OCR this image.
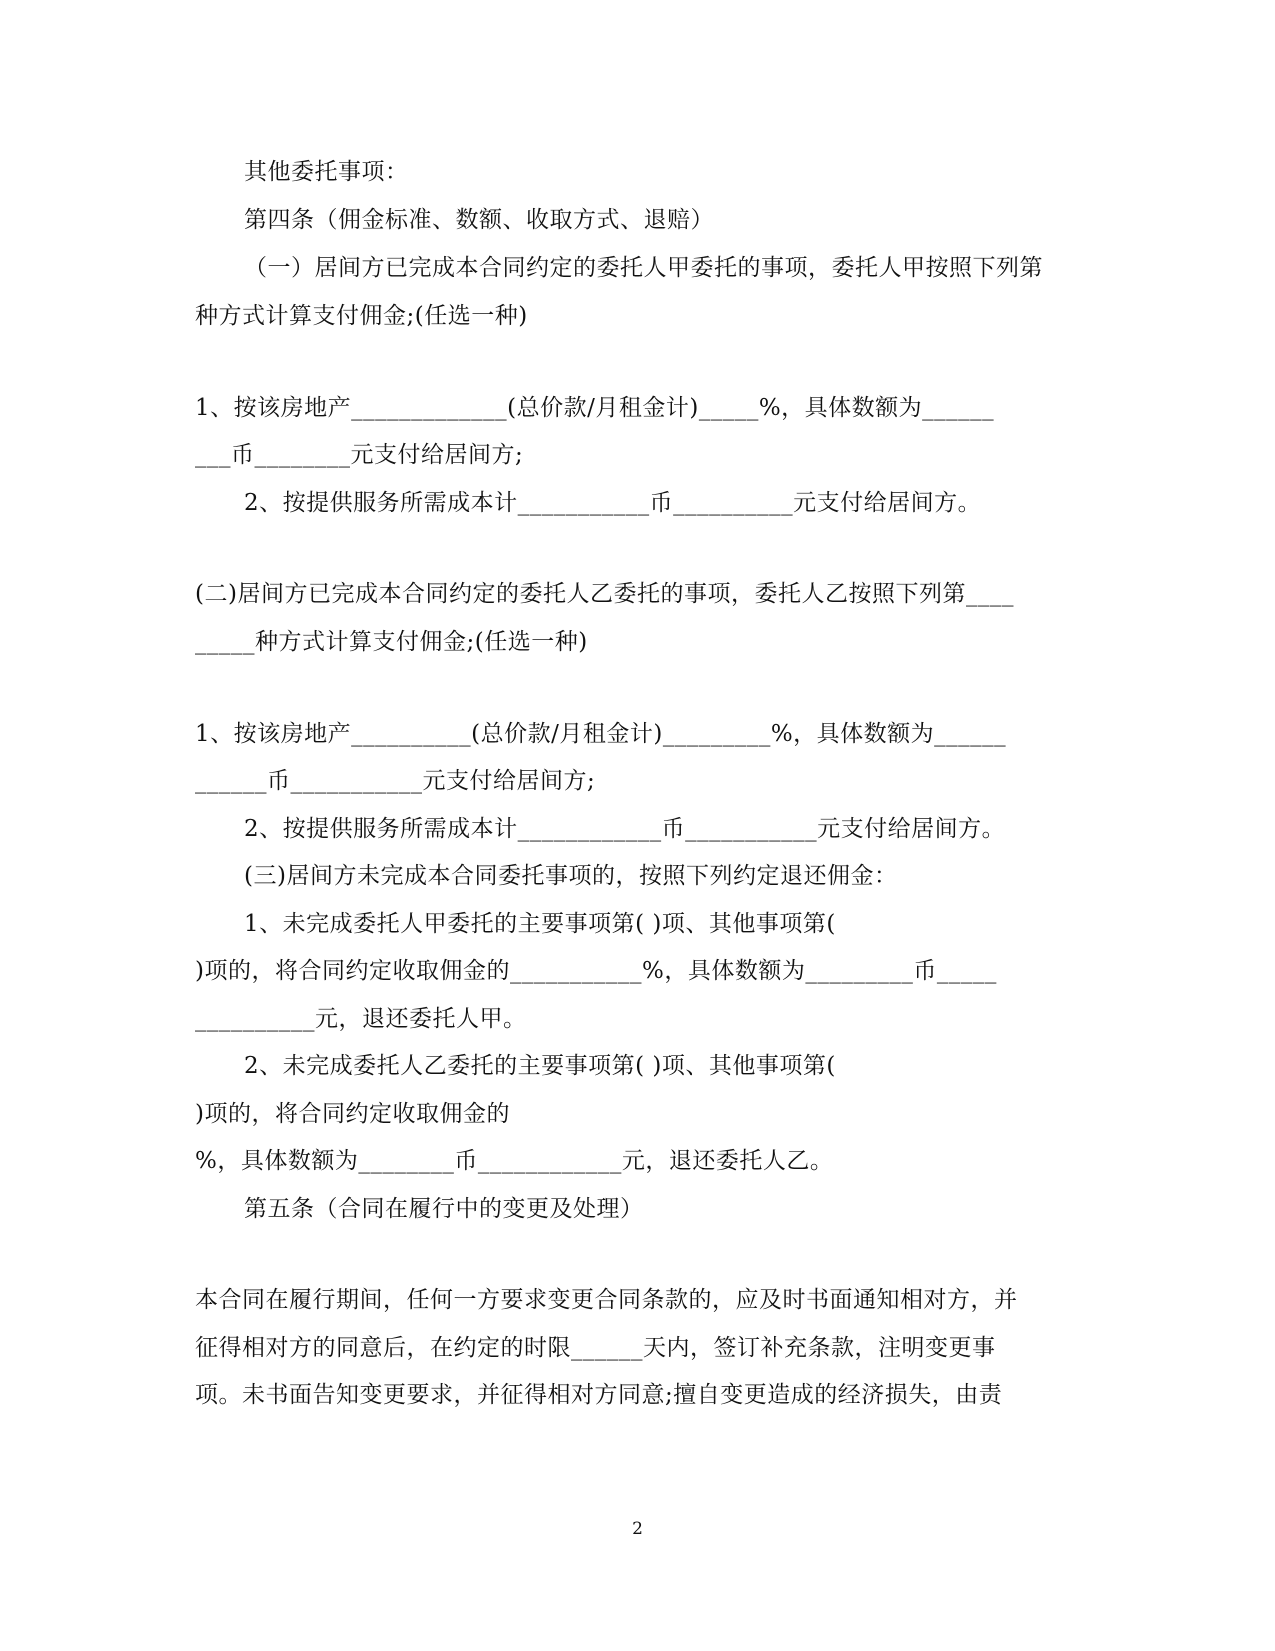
其他委托事项：
第四条（佣金标准、数额、收取方式、退赔）
（一）居间方已完成本合同约定的委托人甲委托的事项，委托人甲按照下列第
种方式计算支付佣金;(任选一种)
1、按该房地产_____________(总价款/月租金计)_____%，具体数额为______
___币________元支付给居间方;
2、按提供服务所需成本计___________币__________元支付给居间方。
(二)居间方已完成本合同约定的委托人乙委托的事项，委托人乙按照下列第____
_____种方式计算支付佣金;(任选一种)
1、按该房地产__________(总价款/月租金计)_________%，具体数额为______
______币___________元支付给居间方;
2、按提供服务所需成本计____________币___________元支付给居间方。
(三)居间方未完成本合同委托事项的，按照下列约定退还佣金：
1、未完成委托人甲委托的主要事项第( )项、其他事项第(
)项的，将合同约定收取佣金的___________%，具体数额为_________币_____
__________元，退还委托人甲。
2、未完成委托人乙委托的主要事项第( )项、其他事项第(
)项的，将合同约定收取佣金的
%，具体数额为________币____________元，退还委托人乙。
第五条（合同在履行中的变更及处理）
本合同在履行期间，任何一方要求变更合同条款的，应及时书面通知相对方，并
征得相对方的同意后，在约定的时限______天内，签订补充条款，注明变更事
项。未书面告知变更要求，并征得相对方同意;擅自变更造成的经济损失，由责
2
